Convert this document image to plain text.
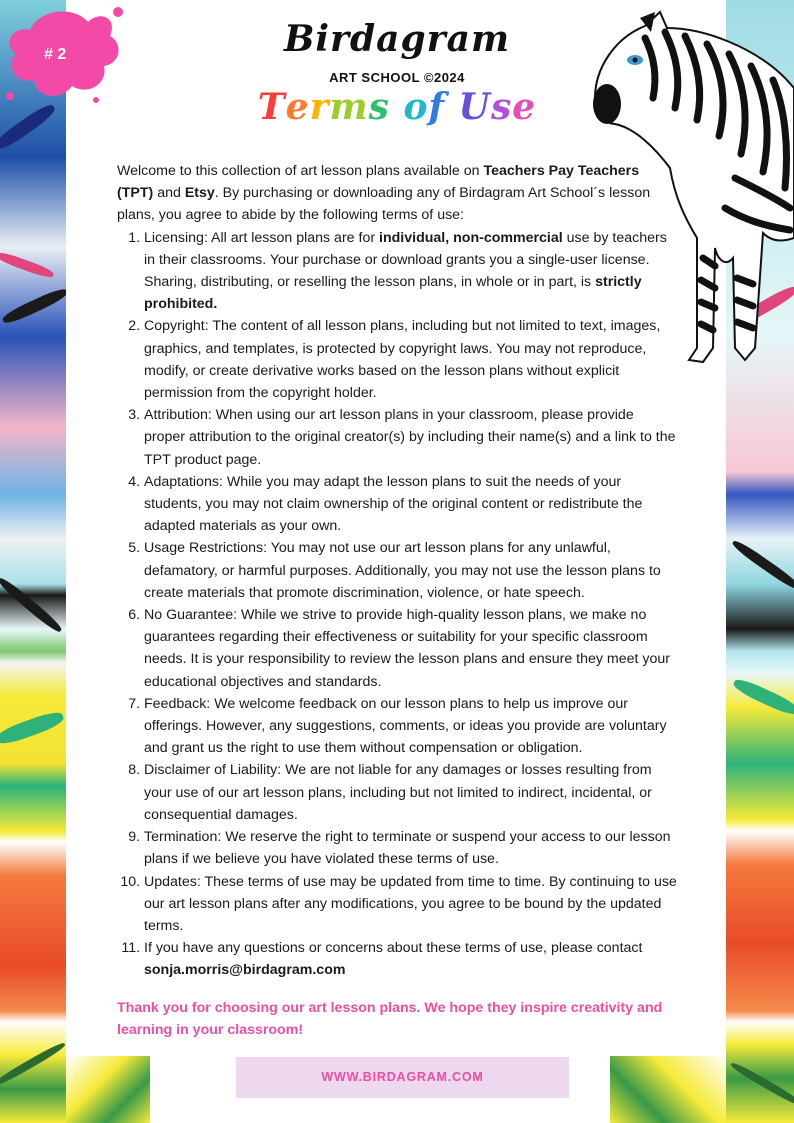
# 2	Birdagram
ART SCHOOL ©2024
Terms of Use

Welcome to this collection of art lesson plans available on Teachers Pay Teachers (TPT) and Etsy. By purchasing or downloading any of Birdagram Art School´s lesson plans, you agree to abide by the following terms of use:

1. Licensing: All art lesson plans are for individual, non-commercial use by teachers in their classrooms. Your purchase or download grants you a single-user license. Sharing, distributing, or reselling the lesson plans, in whole or in part, is strictly prohibited.
2. Copyright: The content of all lesson plans, including but not limited to text, images, graphics, and templates, is protected by copyright laws. You may not reproduce, modify, or create derivative works based on the lesson plans without explicit permission from the copyright holder.
3. Attribution: When using our art lesson plans in your classroom, please provide proper attribution to the original creator(s) by including their name(s) and a link to the TPT product page.
4. Adaptations: While you may adapt the lesson plans to suit the needs of your students, you may not claim ownership of the original content or redistribute the adapted materials as your own.
5. Usage Restrictions: You may not use our art lesson plans for any unlawful, defamatory, or harmful purposes. Additionally, you may not use the lesson plans to create materials that promote discrimination, violence, or hate speech.
6. No Guarantee: While we strive to provide high-quality lesson plans, we make no guarantees regarding their effectiveness or suitability for your specific classroom needs. It is your responsibility to review the lesson plans and ensure they meet your educational objectives and standards.
7. Feedback: We welcome feedback on our lesson plans to help us improve our offerings. However, any suggestions, comments, or ideas you provide are voluntary and grant us the right to use them without compensation or obligation.
8. Disclaimer of Liability: We are not liable for any damages or losses resulting from your use of our art lesson plans, including but not limited to indirect, incidental, or consequential damages.
9. Termination: We reserve the right to terminate or suspend your access to our lesson plans if we believe you have violated these terms of use.
10. Updates: These terms of use may be updated from time to time. By continuing to use our art lesson plans after any modifications, you agree to be bound by the updated terms.
11. If you have any questions or concerns about these terms of use, please contact sonja.morris@birdagram.com
Thank you for choosing our art lesson plans. We hope they inspire creativity and learning in your classroom!
WWW.BIRDAGRAM.COM
